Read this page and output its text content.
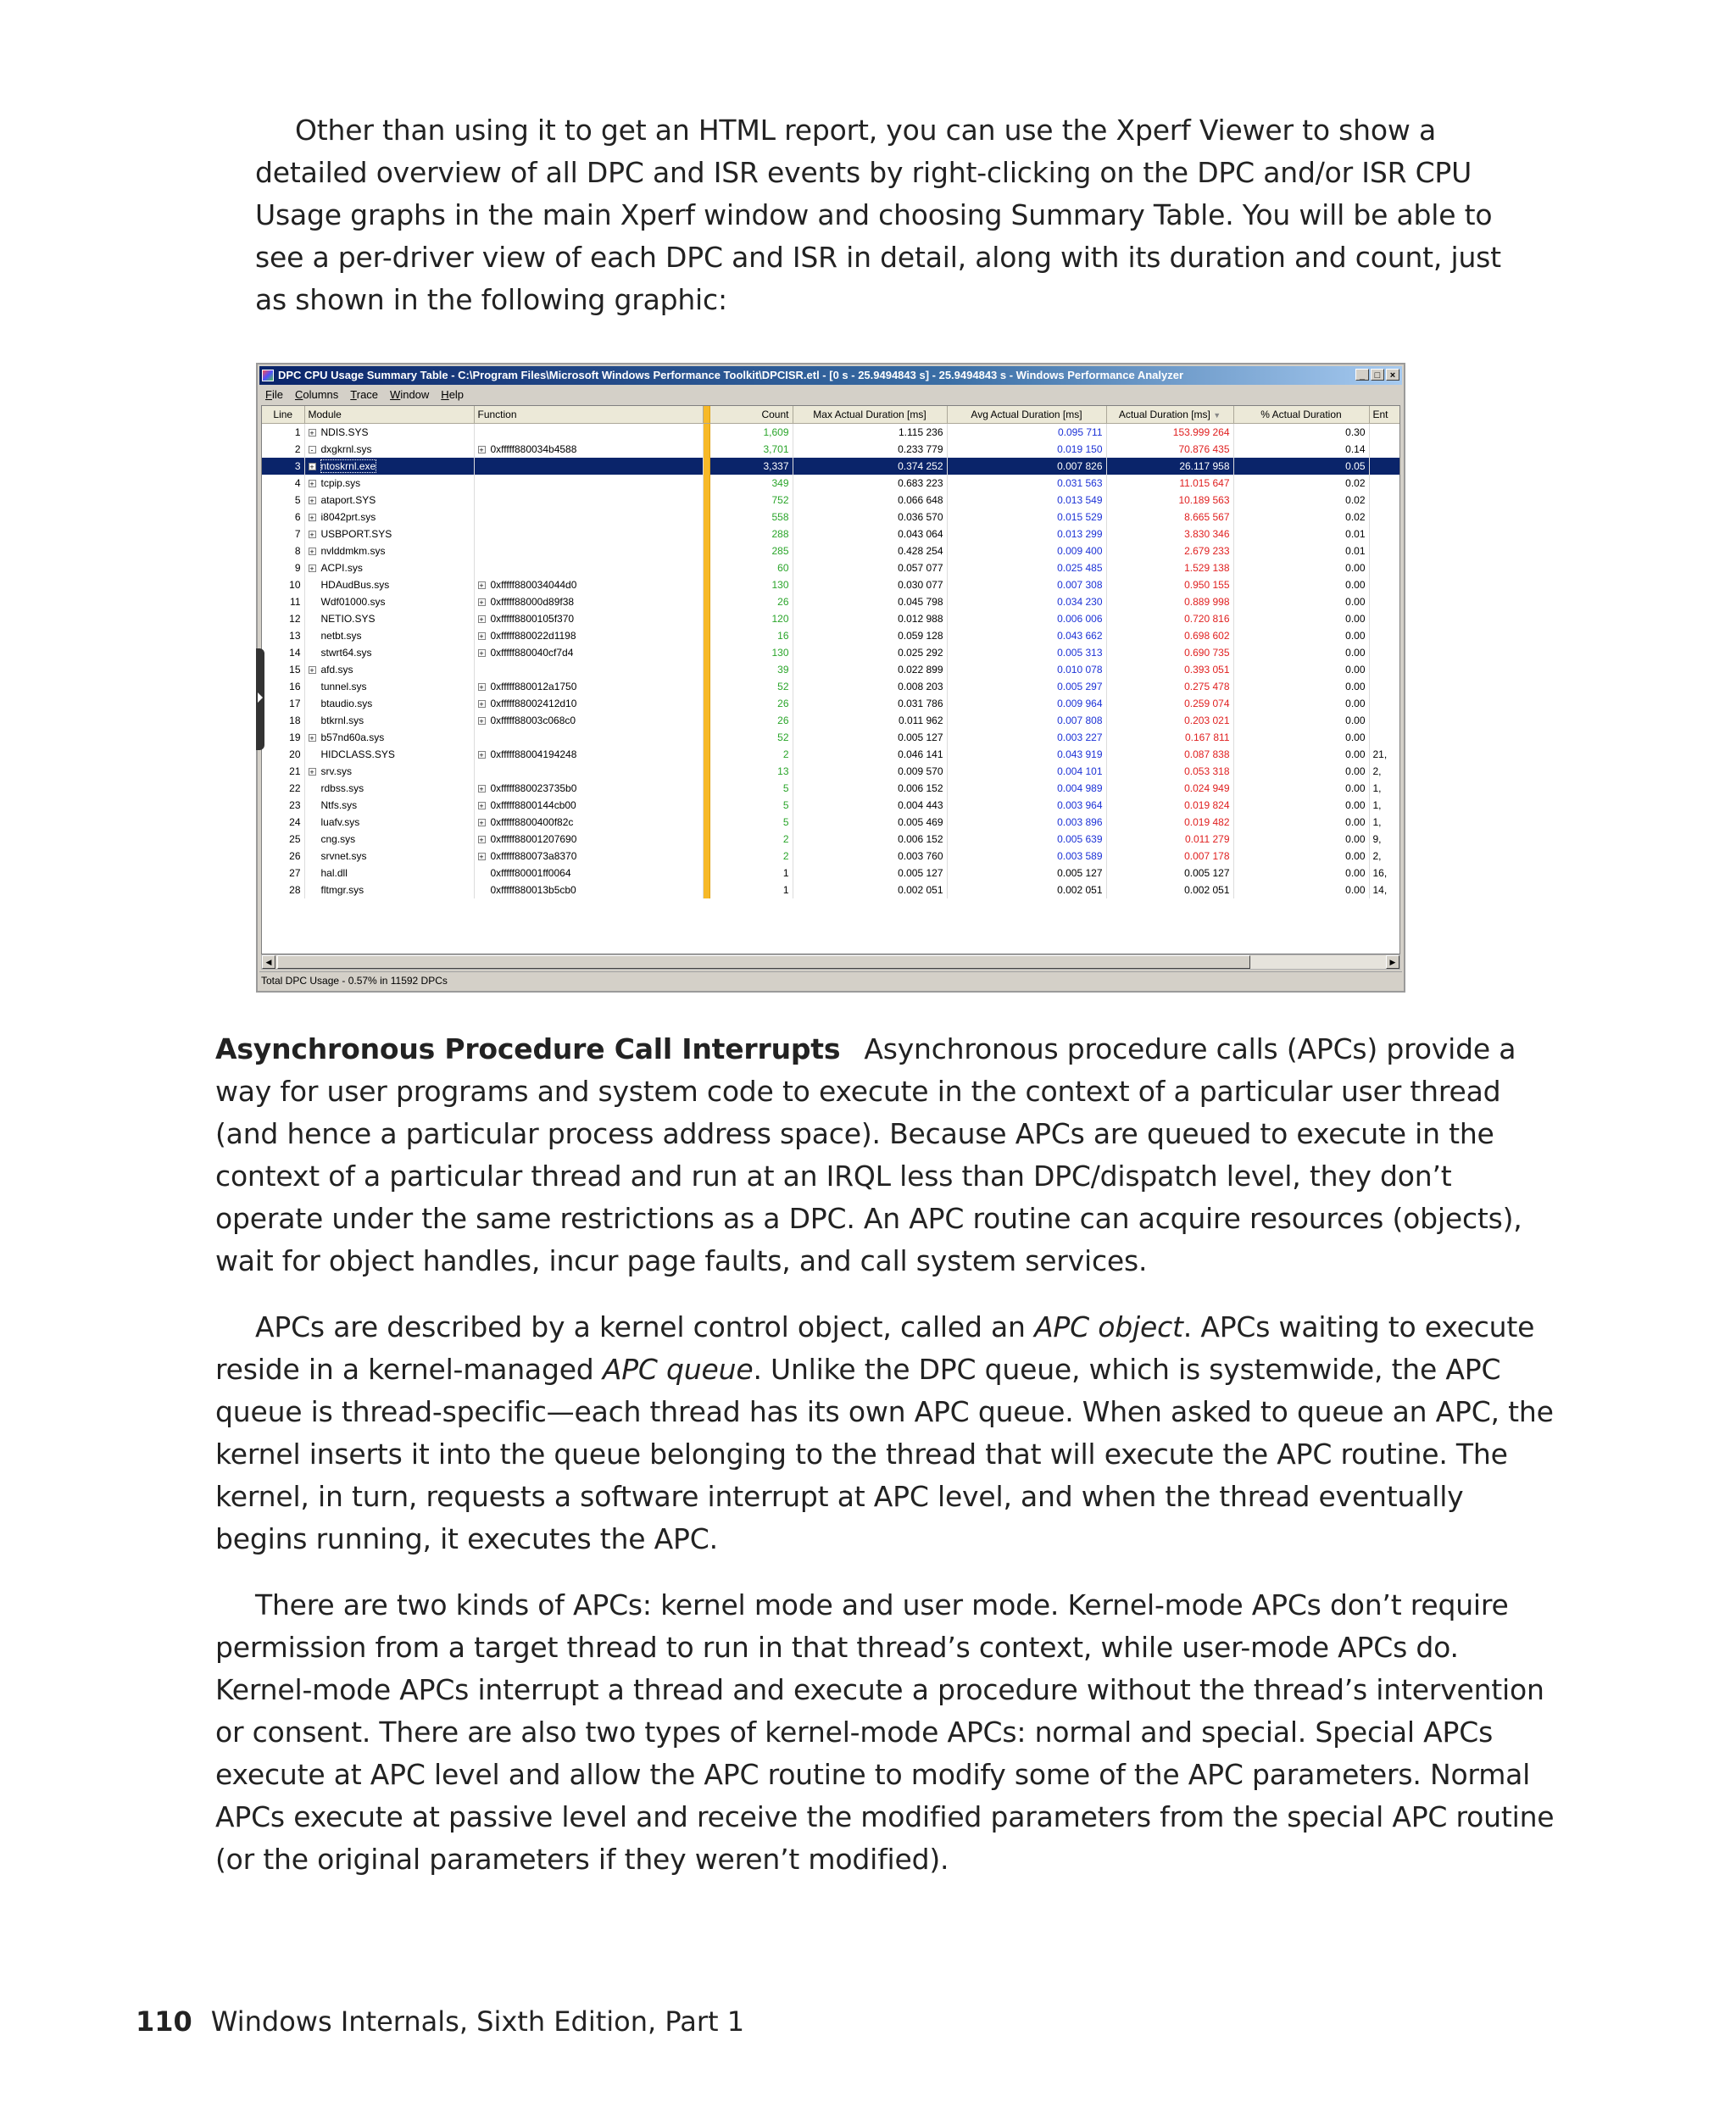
Other than using it to get an HTML report, you can use the Xperf Viewer to show a detailed overview of all DPC and ISR events by right-clicking on the DPC and/or ISR CPU Usage graphs in the main Xperf window and choosing Summary Table. You will be able to see a per-driver view of each DPC and ISR in detail, along with its duration and count, just as shown in the following graphic:

DPC CPU Usage Summary Table - C:\Program Files\Microsoft Windows Performance Toolkit\DPCISR.etl - [0 s - 25.9494843 s] - 25.9494843 s - Windows Performance Analyzer	_ □ ×
File Columns Trace Window Help
Line	Module	Function		Count	Max Actual Duration [ms]	Avg Actual Duration [ms]	Actual Duration [ms] ▼	% Actual Duration	Ent
1	+ NDIS.SYS			1,609	1.115 236	0.095 711	153.999 264	0.30	
2	- dxgkrnl.sys	+ 0xfffff880034b4588		3,701	0.233 779	0.019 150	70.876 435	0.14	
3	+ ntoskrnl.exe			3,337	0.374 252	0.007 826	26.117 958	0.05	
4	+ tcpip.sys			349	0.683 223	0.031 563	11.015 647	0.02	
5	+ ataport.SYS			752	0.066 648	0.013 549	10.189 563	0.02	
6	+ i8042prt.sys			558	0.036 570	0.015 529	8.665 567	0.02	
7	+ USBPORT.SYS			288	0.043 064	0.013 299	3.830 346	0.01	
8	+ nvlddmkm.sys			285	0.428 254	0.009 400	2.679 233	0.01	
9	+ ACPI.sys			60	0.057 077	0.025 485	1.529 138	0.00	
10	HDAudBus.sys	+ 0xfffff880034044d0		130	0.030 077	0.007 308	0.950 155	0.00	
11	Wdf01000.sys	+ 0xfffff88000d89f38		26	0.045 798	0.034 230	0.889 998	0.00	
12	NETIO.SYS	+ 0xfffff8800105f370		120	0.012 988	0.006 006	0.720 816	0.00	
13	netbt.sys	+ 0xfffff880022d1198		16	0.059 128	0.043 662	0.698 602	0.00	
14	stwrt64.sys	+ 0xfffff880040cf7d4		130	0.025 292	0.005 313	0.690 735	0.00	
15	+ afd.sys			39	0.022 899	0.010 078	0.393 051	0.00	
16	tunnel.sys	+ 0xfffff880012a1750		52	0.008 203	0.005 297	0.275 478	0.00	
17	btaudio.sys	+ 0xfffff88002412d10		26	0.031 786	0.009 964	0.259 074	0.00	
18	btkrnl.sys	+ 0xfffff88003c068c0		26	0.011 962	0.007 808	0.203 021	0.00	
19	+ b57nd60a.sys			52	0.005 127	0.003 227	0.167 811	0.00	
20	HIDCLASS.SYS	+ 0xfffff88004194248		2	0.046 141	0.043 919	0.087 838	0.00	21,
21	+ srv.sys			13	0.009 570	0.004 101	0.053 318	0.00	2,
22	rdbss.sys	+ 0xfffff880023735b0		5	0.006 152	0.004 989	0.024 949	0.00	1,
23	Ntfs.sys	+ 0xfffff8800144cb00		5	0.004 443	0.003 964	0.019 824	0.00	1,
24	luafv.sys	+ 0xfffff8800400f82c		5	0.005 469	0.003 896	0.019 482	0.00	1,
25	cng.sys	+ 0xfffff88001207690		2	0.006 152	0.005 639	0.011 279	0.00	9,
26	srvnet.sys	+ 0xfffff880073a8370		2	0.003 760	0.003 589	0.007 178	0.00	2,
27	hal.dll	0xfffff80001ff0064		1	0.005 127	0.005 127	0.005 127	0.00	16,
28	fltmgr.sys	0xfffff880013b5cb0		1	0.002 051	0.002 051	0.002 051	0.00	14,
◀	▶
Total DPC Usage - 0.57% in 11592 DPCs

Asynchronous Procedure Call Interrupts Asynchronous procedure calls (APCs) provide a way for user programs and system code to execute in the context of a particular user thread (and hence a particular process address space). Because APCs are queued to execute in the context of a particular thread and run at an IRQL less than DPC/dispatch level, they don’t operate under the same restrictions as a DPC. An APC routine can acquire resources (objects), wait for object handles, incur page faults, and call system services.

APCs are described by a kernel control object, called an APC object. APCs waiting to execute reside in a kernel-managed APC queue. Unlike the DPC queue, which is systemwide, the APC queue is thread-specific—each thread has its own APC queue. When asked to queue an APC, the kernel inserts it into the queue belonging to the thread that will execute the APC routine. The kernel, in turn, requests a software interrupt at APC level, and when the thread eventually begins running, it executes the APC.

There are two kinds of APCs: kernel mode and user mode. Kernel-mode APCs don’t require permission from a target thread to run in that thread’s context, while user-mode APCs do. Kernel-mode APCs interrupt a thread and execute a procedure without the thread’s intervention or consent. There are also two types of kernel-mode APCs: normal and special. Special APCs execute at APC level and allow the APC routine to modify some of the APC parameters. Normal APCs execute at passive level and receive the modified parameters from the special APC routine (or the original parameters if they weren’t modified).

110 Windows Internals, Sixth Edition, Part 1
